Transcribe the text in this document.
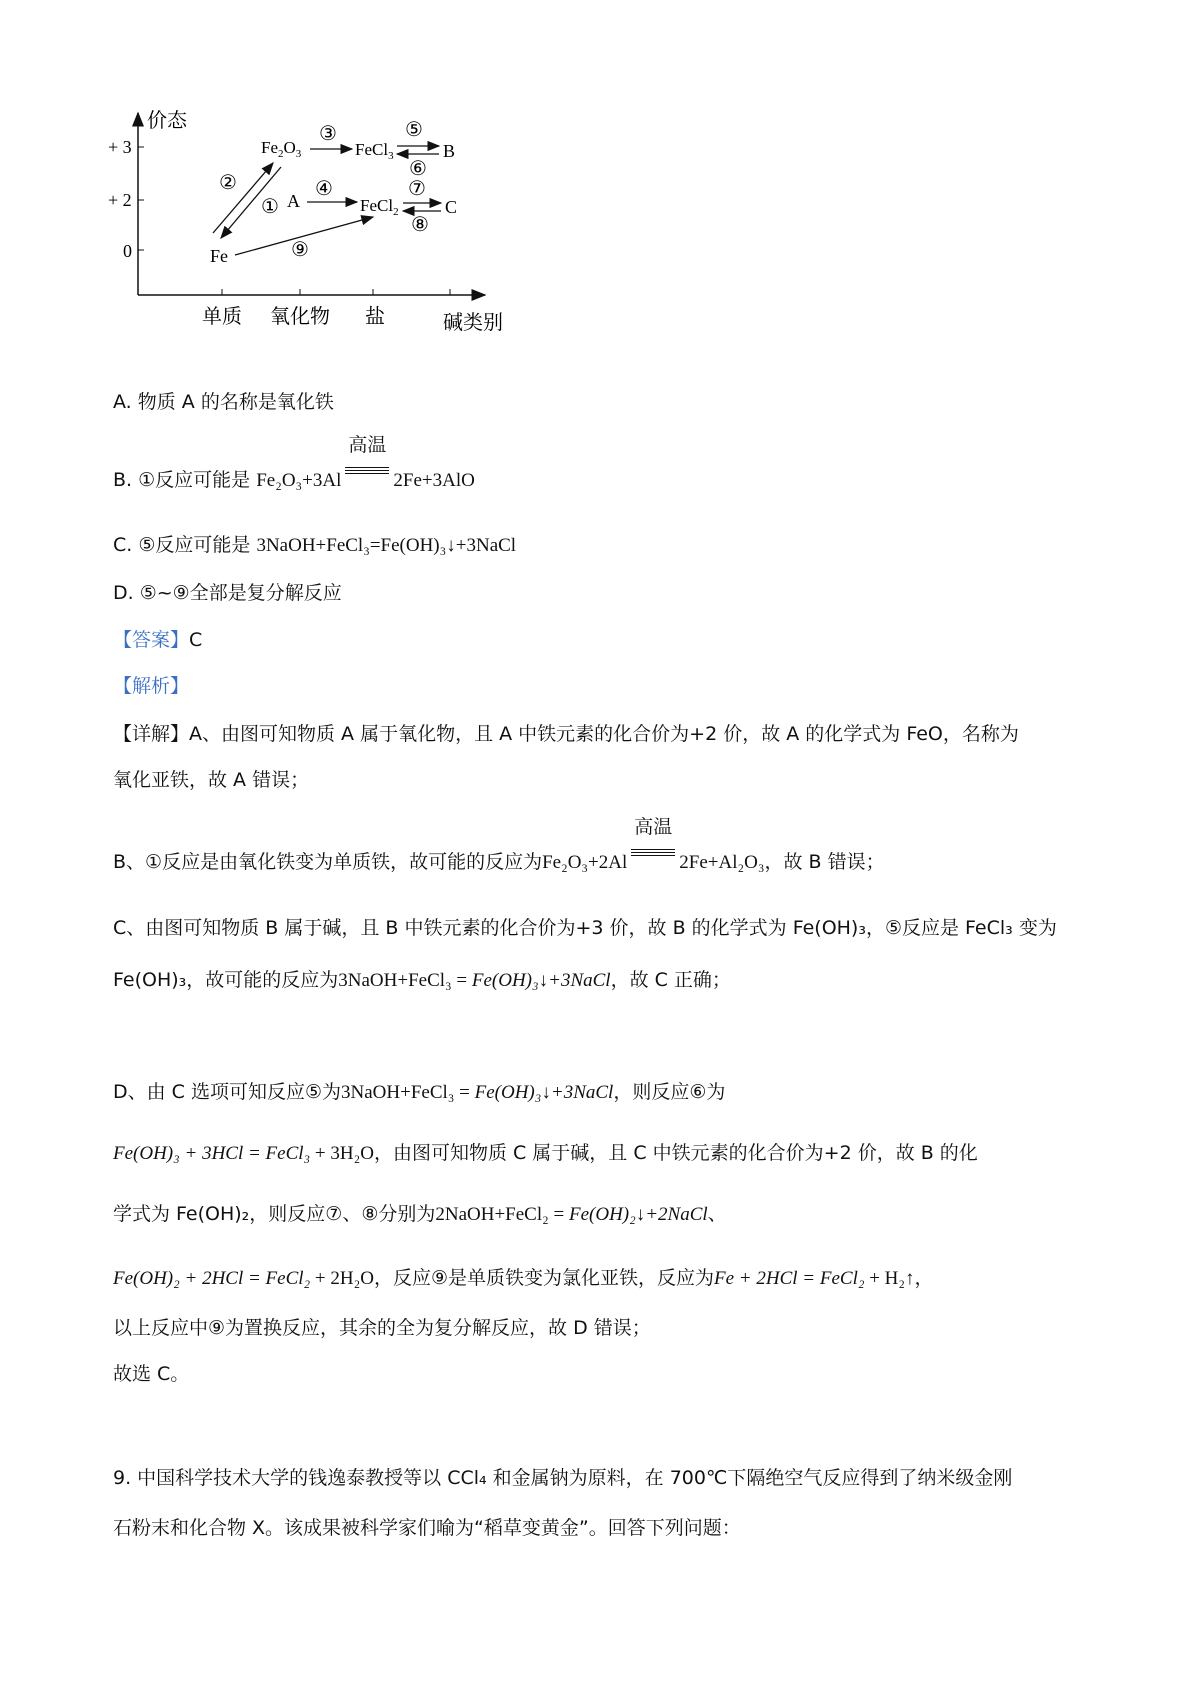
价态
+ 3
+ 2
0
单质 氧化物 盐	碱 类别
$Fe_2O_3$	FeCl$_3$	B
A	FeCl$_2$	C
Fe
②
①
③	⑤
⑥
④	⑦
⑧
⑨
A. 物质 A 的名称是氧化铁
B. ①反应可能是 Fe₂O₃+3Al
高温
2Fe+3AlO
C. ⑤反应可能是 3NaOH+FeCl₃=Fe(OH)₃↓+3NaCl
D. ⑤~⑨全部是复分解反应
【答案】C
【解析】
【详解】A、由图可知物质 A 属于氧化物，且 A 中铁元素的化合价为+2 价，故 A 的化学式为 FeO，名称为
氧化亚铁，故 A 错误；
B、①反应是由氧化铁变为单质铁，故可能的反应为Fe₂O₃+2Al
高温
2Fe+Al₂O₃，故 B 错误；
C、由图可知物质 B 属于碱，且 B 中铁元素的化合价为+3 价，故 B 的化学式为 Fe(OH)₃，⑤反应是 FeCl₃ 变为
Fe(OH)₃，故可能的反应为3NaOH+FeCl₃ = Fe(OH)₃↓+3NaCl，故 C 正确；
D、由 C 选项可知反应⑤为3NaOH+FeCl₃ = Fe(OH)₃↓+3NaCl，则反应⑥为
Fe(OH)₃ + 3HCl = FeCl₃ + 3H₂O，由图可知物质 C 属于碱，且 C 中铁元素的化合价为+2 价，故 B 的化
学式为 Fe(OH)₂，则反应⑦、⑧分别为2NaOH+FeCl₂ = Fe(OH)₂↓+2NaCl、
Fe(OH)₂ + 2HCl = FeCl₂ + 2H₂O，反应⑨是单质铁变为氯化亚铁，反应为Fe + 2HCl = FeCl₂ + H₂↑，
以上反应中⑨为置换反应，其余的全为复分解反应，故 D 错误；
故选 C。
9. 中国科学技术大学的钱逸泰教授等以 CCl₄ 和金属钠为原料，在 700℃下隔绝空气反应得到了纳米级金刚
石粉末和化合物 X。该成果被科学家们喻为“稻草变黄金”。回答下列问题：
